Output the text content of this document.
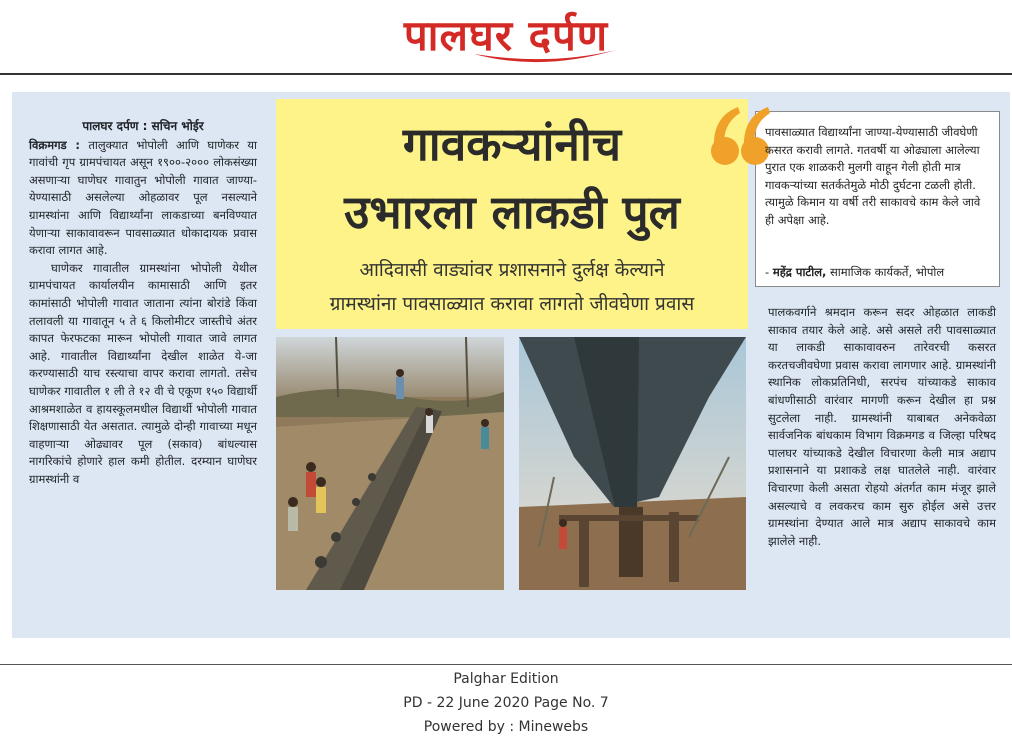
पालघर दर्पण
पालघर दर्पण : सचिन भोईर

विक्रमगड : तालुक्यात भोपोली आणि घाणेकर या गावांची गृप ग्रामपंचायत असून १९००-२००० लोकसंख्या असणाऱ्या घाणेघर गावातुन भोपोली गावात जाण्या-येण्यासाठी असलेल्या ओहळावर पूल नसल्याने ग्रामस्थांना आणि विद्यार्थ्यांना लाकडाच्या बनविण्यात येणाऱ्या साकावावरून पावसाळ्यात धोकादायक प्रवास करावा लागत आहे.

घाणेकर गावातील ग्रामस्थांना भोपोली येथील ग्रामपंचायत कार्यालयीन कामासाठी आणि इतर कामांसाठी भोपोली गावात जाताना त्यांना बोरांडे किंवा तलावली या गावातून ५ ते ६ किलोमीटर जास्तीचे अंतर कापत फेरफटका मारून भोपोली गावात जावे लागत आहे. गावातील विद्यार्थ्यांना देखील शाळेत ये-जा करण्यासाठी याच रस्त्याचा वापर करावा लागतो. तसेच घाणेकर गावातील १ ली ते १२ वी चे एकूण १५० विद्यार्थी आश्रमशाळेत व हायस्कूलमधील विद्यार्थी भोपोली गावात शिक्षणासाठी येत असतात. त्यामुळे दोन्ही गावाच्या मधून वाहणाऱ्या ओढ्यावर पूल (सकाव) बांधल्यास नागरिकांचे होणारे हाल कमी होतील. दरम्यान घाणेघर ग्रामस्थांनी व

गावकऱ्यांनीच
उभारला लाकडी पुल
आदिवासी वाड्यांवर प्रशासनाने दुर्लक्ष केल्याने
ग्रामस्थांना पावसाळ्यात करावा लागतो जीवघेणा प्रवास
पावसाळ्यात विद्यार्थ्यांना जाण्या-येण्यासाठी जीवघेणी कसरत करावी लागते. गतवर्षी या ओढ्याला आलेल्या पुरात एक शाळकरी मुलगी वाहून गेली होती मात्र गावकऱ्यांच्या सतर्कतेमुळे मोठी दुर्घटना टळली होती. त्यामुळे किमान या वर्षी तरी साकावचे काम केले जावे ही अपेक्षा आहे.
- महेंद्र पाटील, सामाजिक कार्यकर्ते, भोपोल
पालकवर्गाने श्रमदान करून सदर ओहळात लाकडी साकाव तयार केले आहे. असे असले तरी पावसाळ्यात या लाकडी साकावावरुन तारेवरची कसरत करतचजीवघेणा प्रवास करावा लागणार आहे. ग्रामस्थांनी स्थानिक लोकप्रतिनिधी, सरपंच यांच्याकडे साकाव बांधणीसाठी वारंवार मागणी करून देखील हा प्रश्न सुटलेला नाही. ग्रामस्थांनी याबाबत अनेकवेळा सार्वजनिक बांधकाम विभाग विक्रमगड व जिल्हा परिषद पालघर यांच्याकडे देखील विचारणा केली मात्र अद्याप प्रशासनाने या प्रशाकडे लक्ष घातलेले नाही. वारंवार विचारणा केली असता रोहयो अंतर्गत काम मंजूर झाले असल्याचे व लवकरच काम सुरु होईल असे उत्तर ग्रामस्थांना देण्यात आले मात्र अद्याप साकावचे काम झालेले नाही.
Palghar Edition
PD - 22 June 2020 Page No. 7
Powered by : Minewebs
